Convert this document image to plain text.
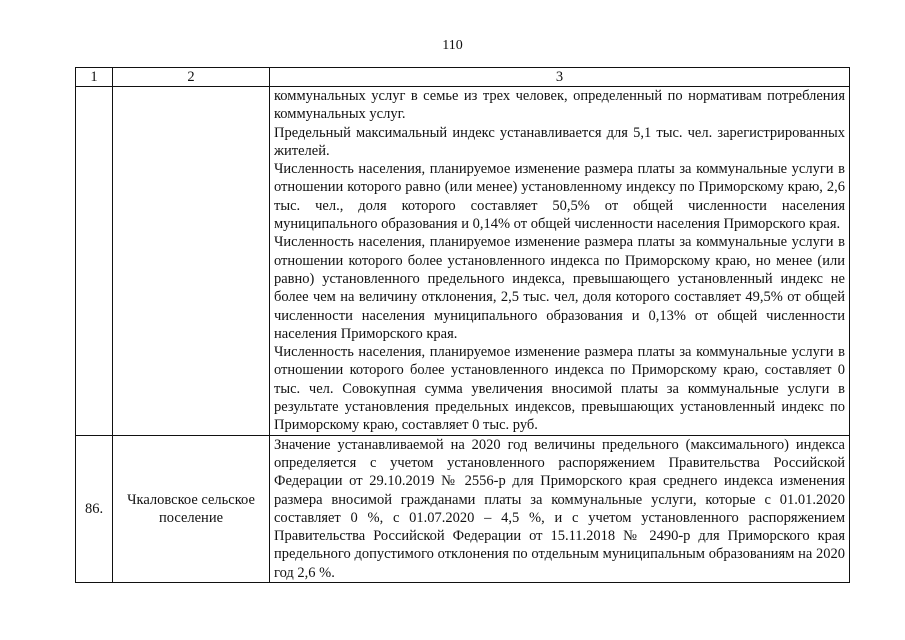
110
1	2	3

		коммунальных услуг в семье из трех человек, определенный по нормативам потребления коммунальных услуг.
Предельный максимальный индекс устанавливается для 5,1 тыс. чел. зарегистрированных жителей.
Численность населения, планируемое изменение размера платы за коммунальные услуги в отношении которого равно (или менее) установленному индексу по Приморскому краю, 2,6 тыс. чел., доля которого составляет 50,5% от общей численности населения муниципального образования и 0,14% от общей численности населения Приморского края.
Численность населения, планируемое изменение размера платы за коммунальные услуги в отношении которого более установленного индекса по Приморскому краю, но менее (или равно) установленного предельного индекса, превышающего установленный индекс не более чем на величину отклонения, 2,5 тыс. чел, доля которого составляет 49,5% от общей численности населения муниципального образования и 0,13% от общей численности населения Приморского края.
Численность населения, планируемое изменение размера платы за коммунальные услуги в отношении которого более установленного индекса по Приморскому краю, составляет 0 тыс. чел. Совокупная сумма увеличения вносимой платы за коммунальные услуги в результате установления предельных индексов, превышающих установленный индекс по Приморскому краю, составляет 0 тыс. руб.

86.	Чкаловское сельское поселение	Значение устанавливаемой на 2020 год величины предельного (максимального) индекса определяется с учетом установленного распоряжением Правительства Российской Федерации от 29.10.2019 № 2556-р для Приморского края среднего индекса изменения размера вносимой гражданами платы за коммунальные услуги, которые с 01.01.2020 составляет 0 %, с 01.07.2020 – 4,5 %, и с учетом установленного распоряжением Правительства Российской Федерации от 15.11.2018 № 2490-р для Приморского края предельного допустимого отклонения по отдельным муниципальным образованиям на 2020 год 2,6 %.
